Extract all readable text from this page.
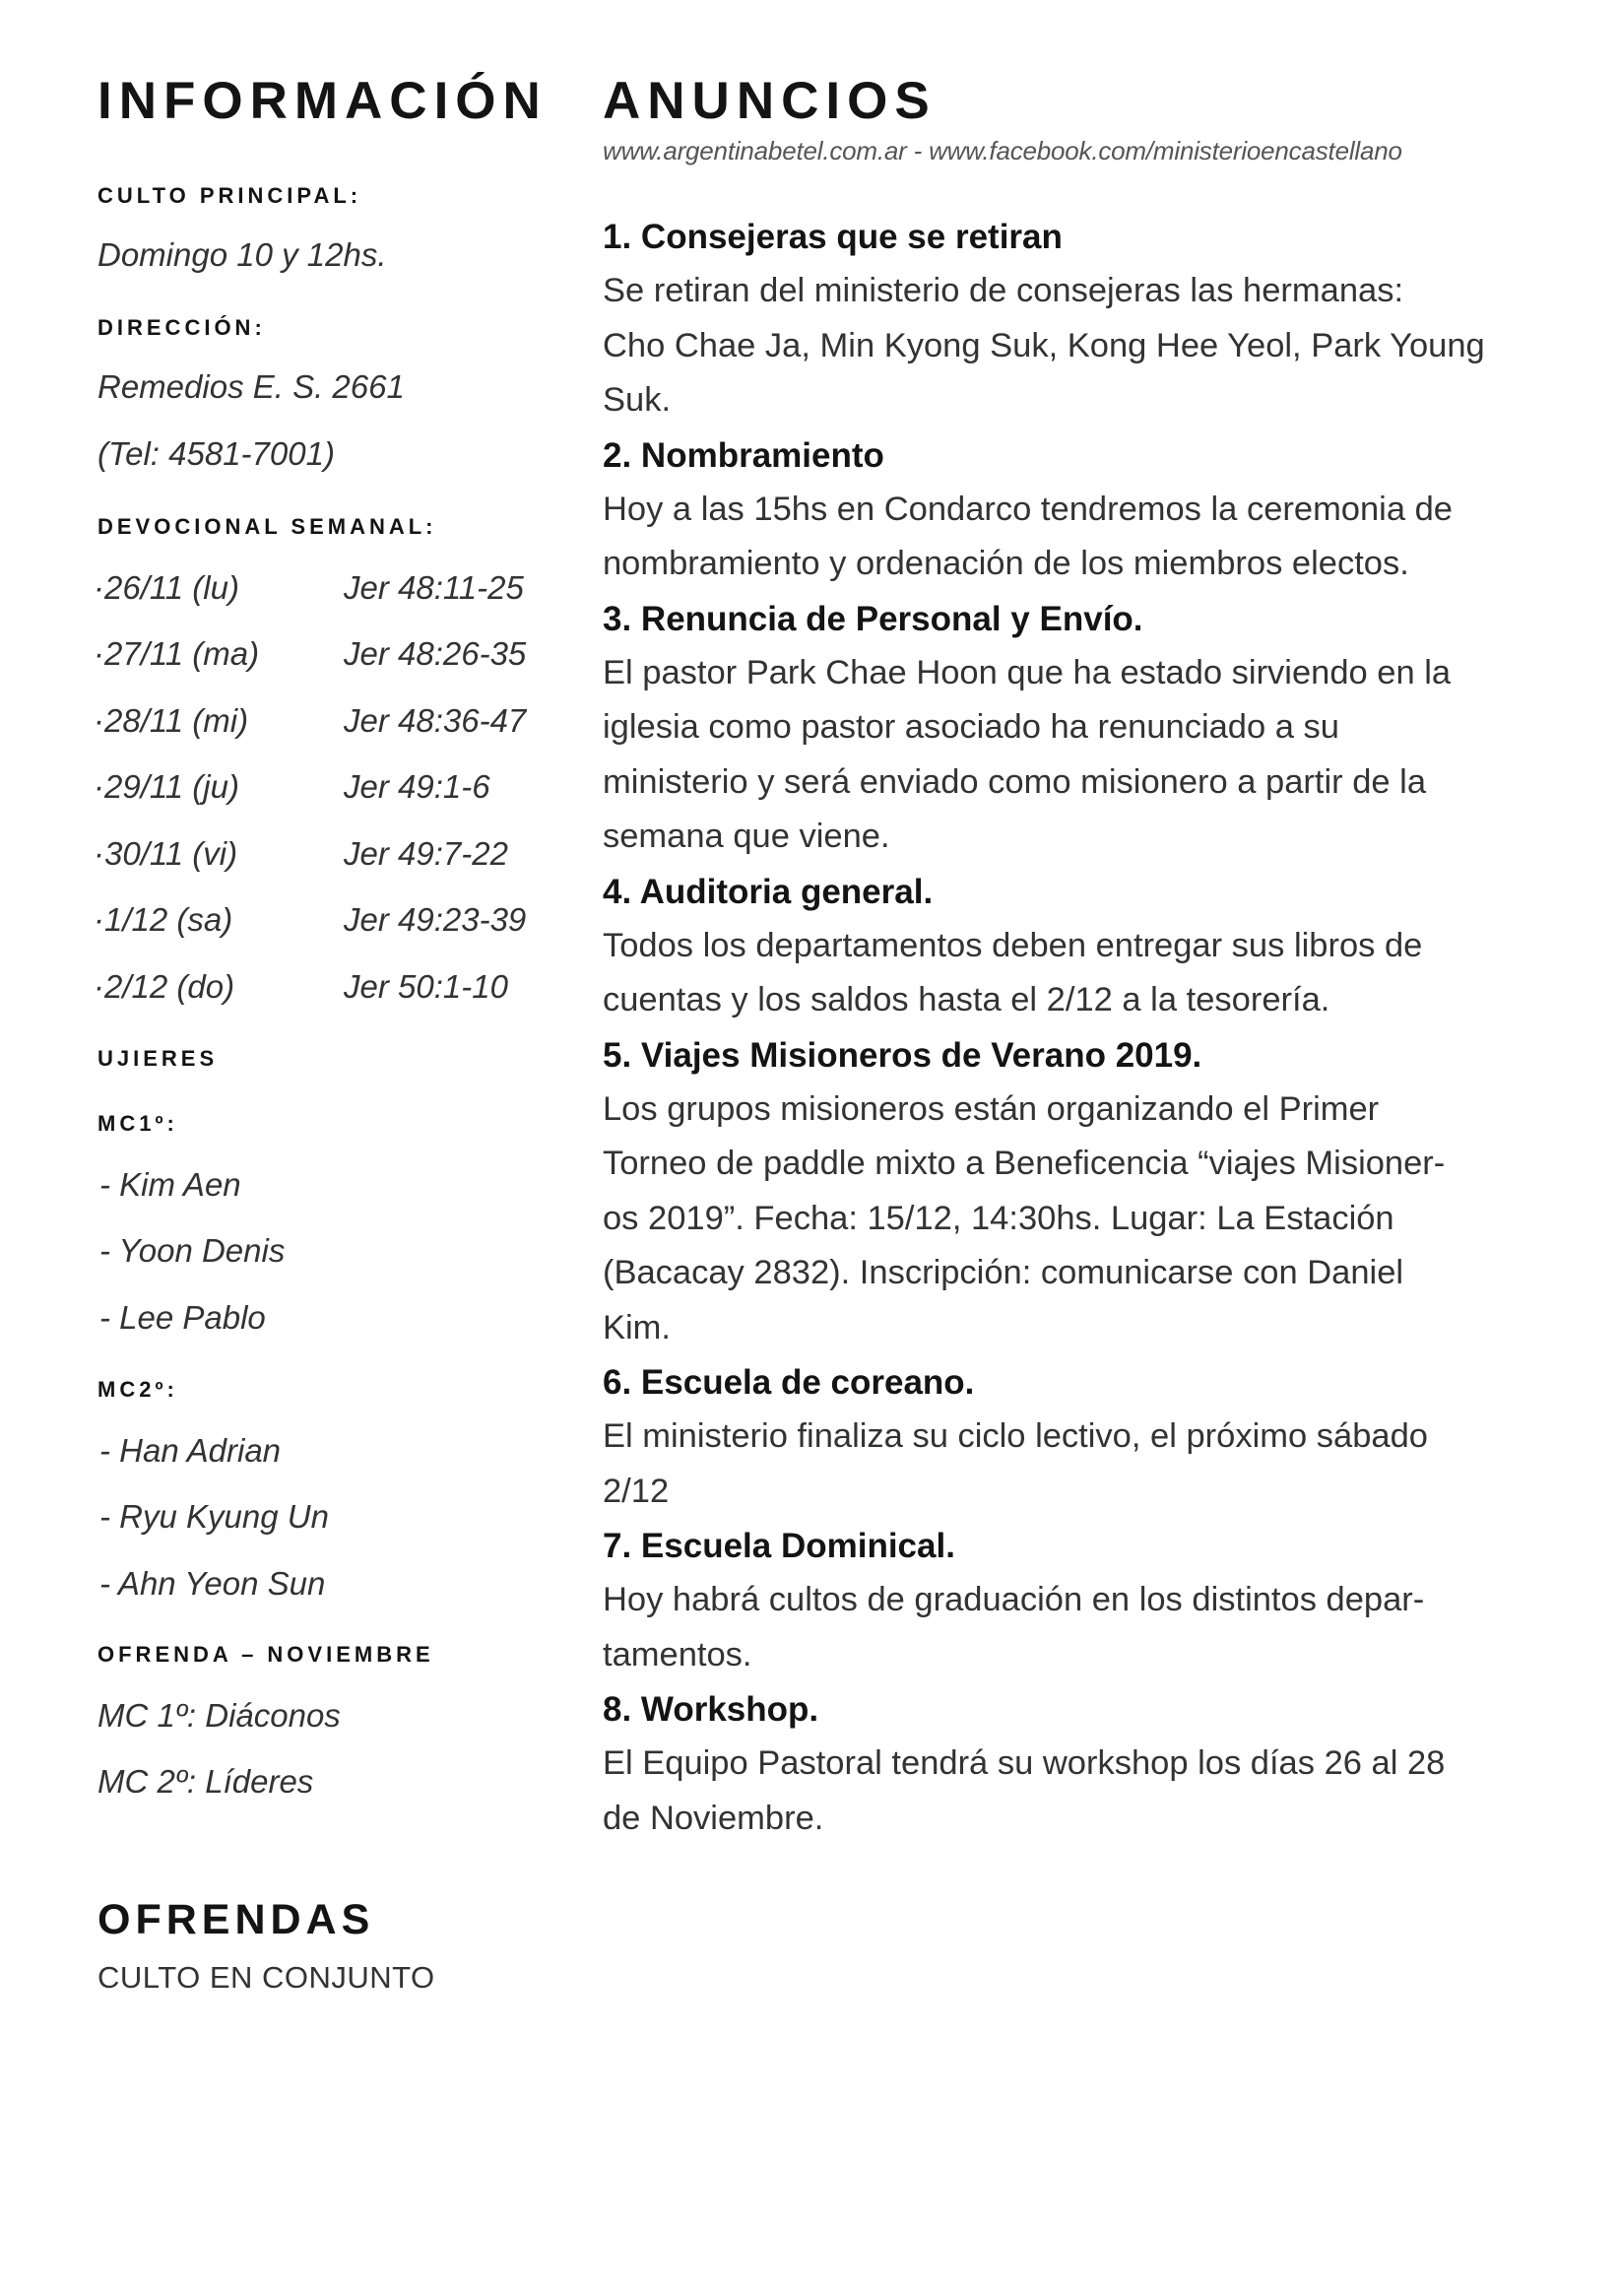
INFORMACIÓN
CULTO PRINCIPAL:
Domingo 10 y 12hs.
DIRECCIÓN:
Remedios E. S. 2661
(Tel: 4581-7001)
DEVOCIONAL SEMANAL:
·26/11 (lu)	Jer 48:11-25
·27/11 (ma)	Jer 48:26-35
·28/11 (mi)	Jer 48:36-47
·29/11 (ju)	Jer 49:1-6
·30/11 (vi)	Jer 49:7-22
·1/12 (sa)	Jer 49:23-39
·2/12 (do)	Jer 50:1-10
UJIERES
MC1º:
- Kim Aen
- Yoon Denis
- Lee Pablo
MC2º:
- Han Adrian
- Ryu Kyung Un
- Ahn Yeon Sun
OFRENDA – NOVIEMBRE
MC 1º: Diáconos
MC 2º: Líderes
OFRENDAS
CULTO EN CONJUNTO
ANUNCIOS
www.argentinabetel.com.ar - www.facebook.com/ministerioencastellano

1. Consejeras que se retiran

Se retiran del ministerio de consejeras las hermanas:

Cho Chae Ja, Min Kyong Suk, Kong Hee Yeol, Park Young

Suk.

2. Nombramiento

Hoy a las 15hs en Condarco tendremos la ceremonia de

nombramiento y ordenación de los miembros electos.

3. Renuncia de Personal y Envío.

El pastor Park Chae Hoon que ha estado sirviendo en la

iglesia como pastor asociado ha renunciado a su

ministerio y será enviado como misionero a partir de la

semana que viene.

4. Auditoria general.

Todos los departamentos deben entregar sus libros de

cuentas y los saldos hasta el 2/12 a la tesorería.

5. Viajes Misioneros de Verano 2019.

Los grupos misioneros están organizando el Primer

Torneo de paddle mixto a Beneficencia “viajes Misioner-

os 2019”. Fecha: 15/12, 14:30hs. Lugar: La Estación

(Bacacay 2832). Inscripción: comunicarse con Daniel

Kim.

6. Escuela de coreano.

El ministerio finaliza su ciclo lectivo, el próximo sábado

2/12

7. Escuela Dominical.

Hoy habrá cultos de graduación en los distintos depar-

tamentos.

8. Workshop.

El Equipo Pastoral tendrá su workshop los días 26 al 28

de Noviembre.
